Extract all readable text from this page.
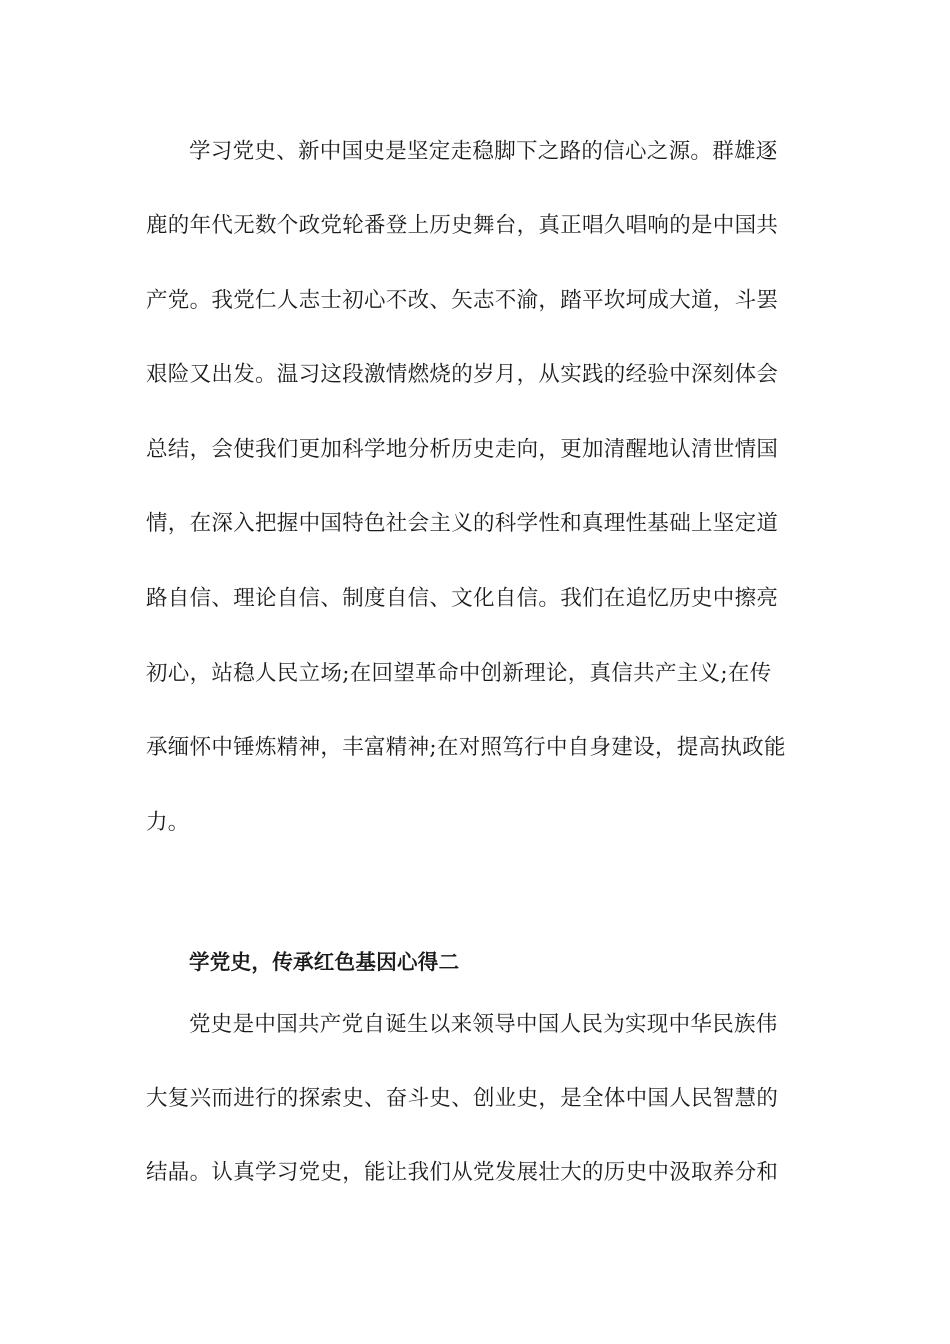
学习党史、新中国史是坚定走稳脚下之路的信心之源。群雄逐
鹿的年代无数个政党轮番登上历史舞台，真正唱久唱响的是中国共
产党。我党仁人志士初心不改、矢志不渝，踏平坎坷成大道，斗罢
艰险又出发。温习这段激情燃烧的岁月，从实践的经验中深刻体会
总结，会使我们更加科学地分析历史走向，更加清醒地认清世情国
情，在深入把握中国特色社会主义的科学性和真理性基础上坚定道
路自信、理论自信、制度自信、文化自信。我们在追忆历史中擦亮
初心，站稳人民立场;在回望革命中创新理论，真信共产主义;在传
承缅怀中锤炼精神，丰富精神;在对照笃行中自身建设，提高执政能
力。
学党史，传承红色基因心得二
党史是中国共产党自诞生以来领导中国人民为实现中华民族伟
大复兴而进行的探索史、奋斗史、创业史，是全体中国人民智慧的
结晶。认真学习党史，能让我们从党发展壮大的历史中汲取养分和
